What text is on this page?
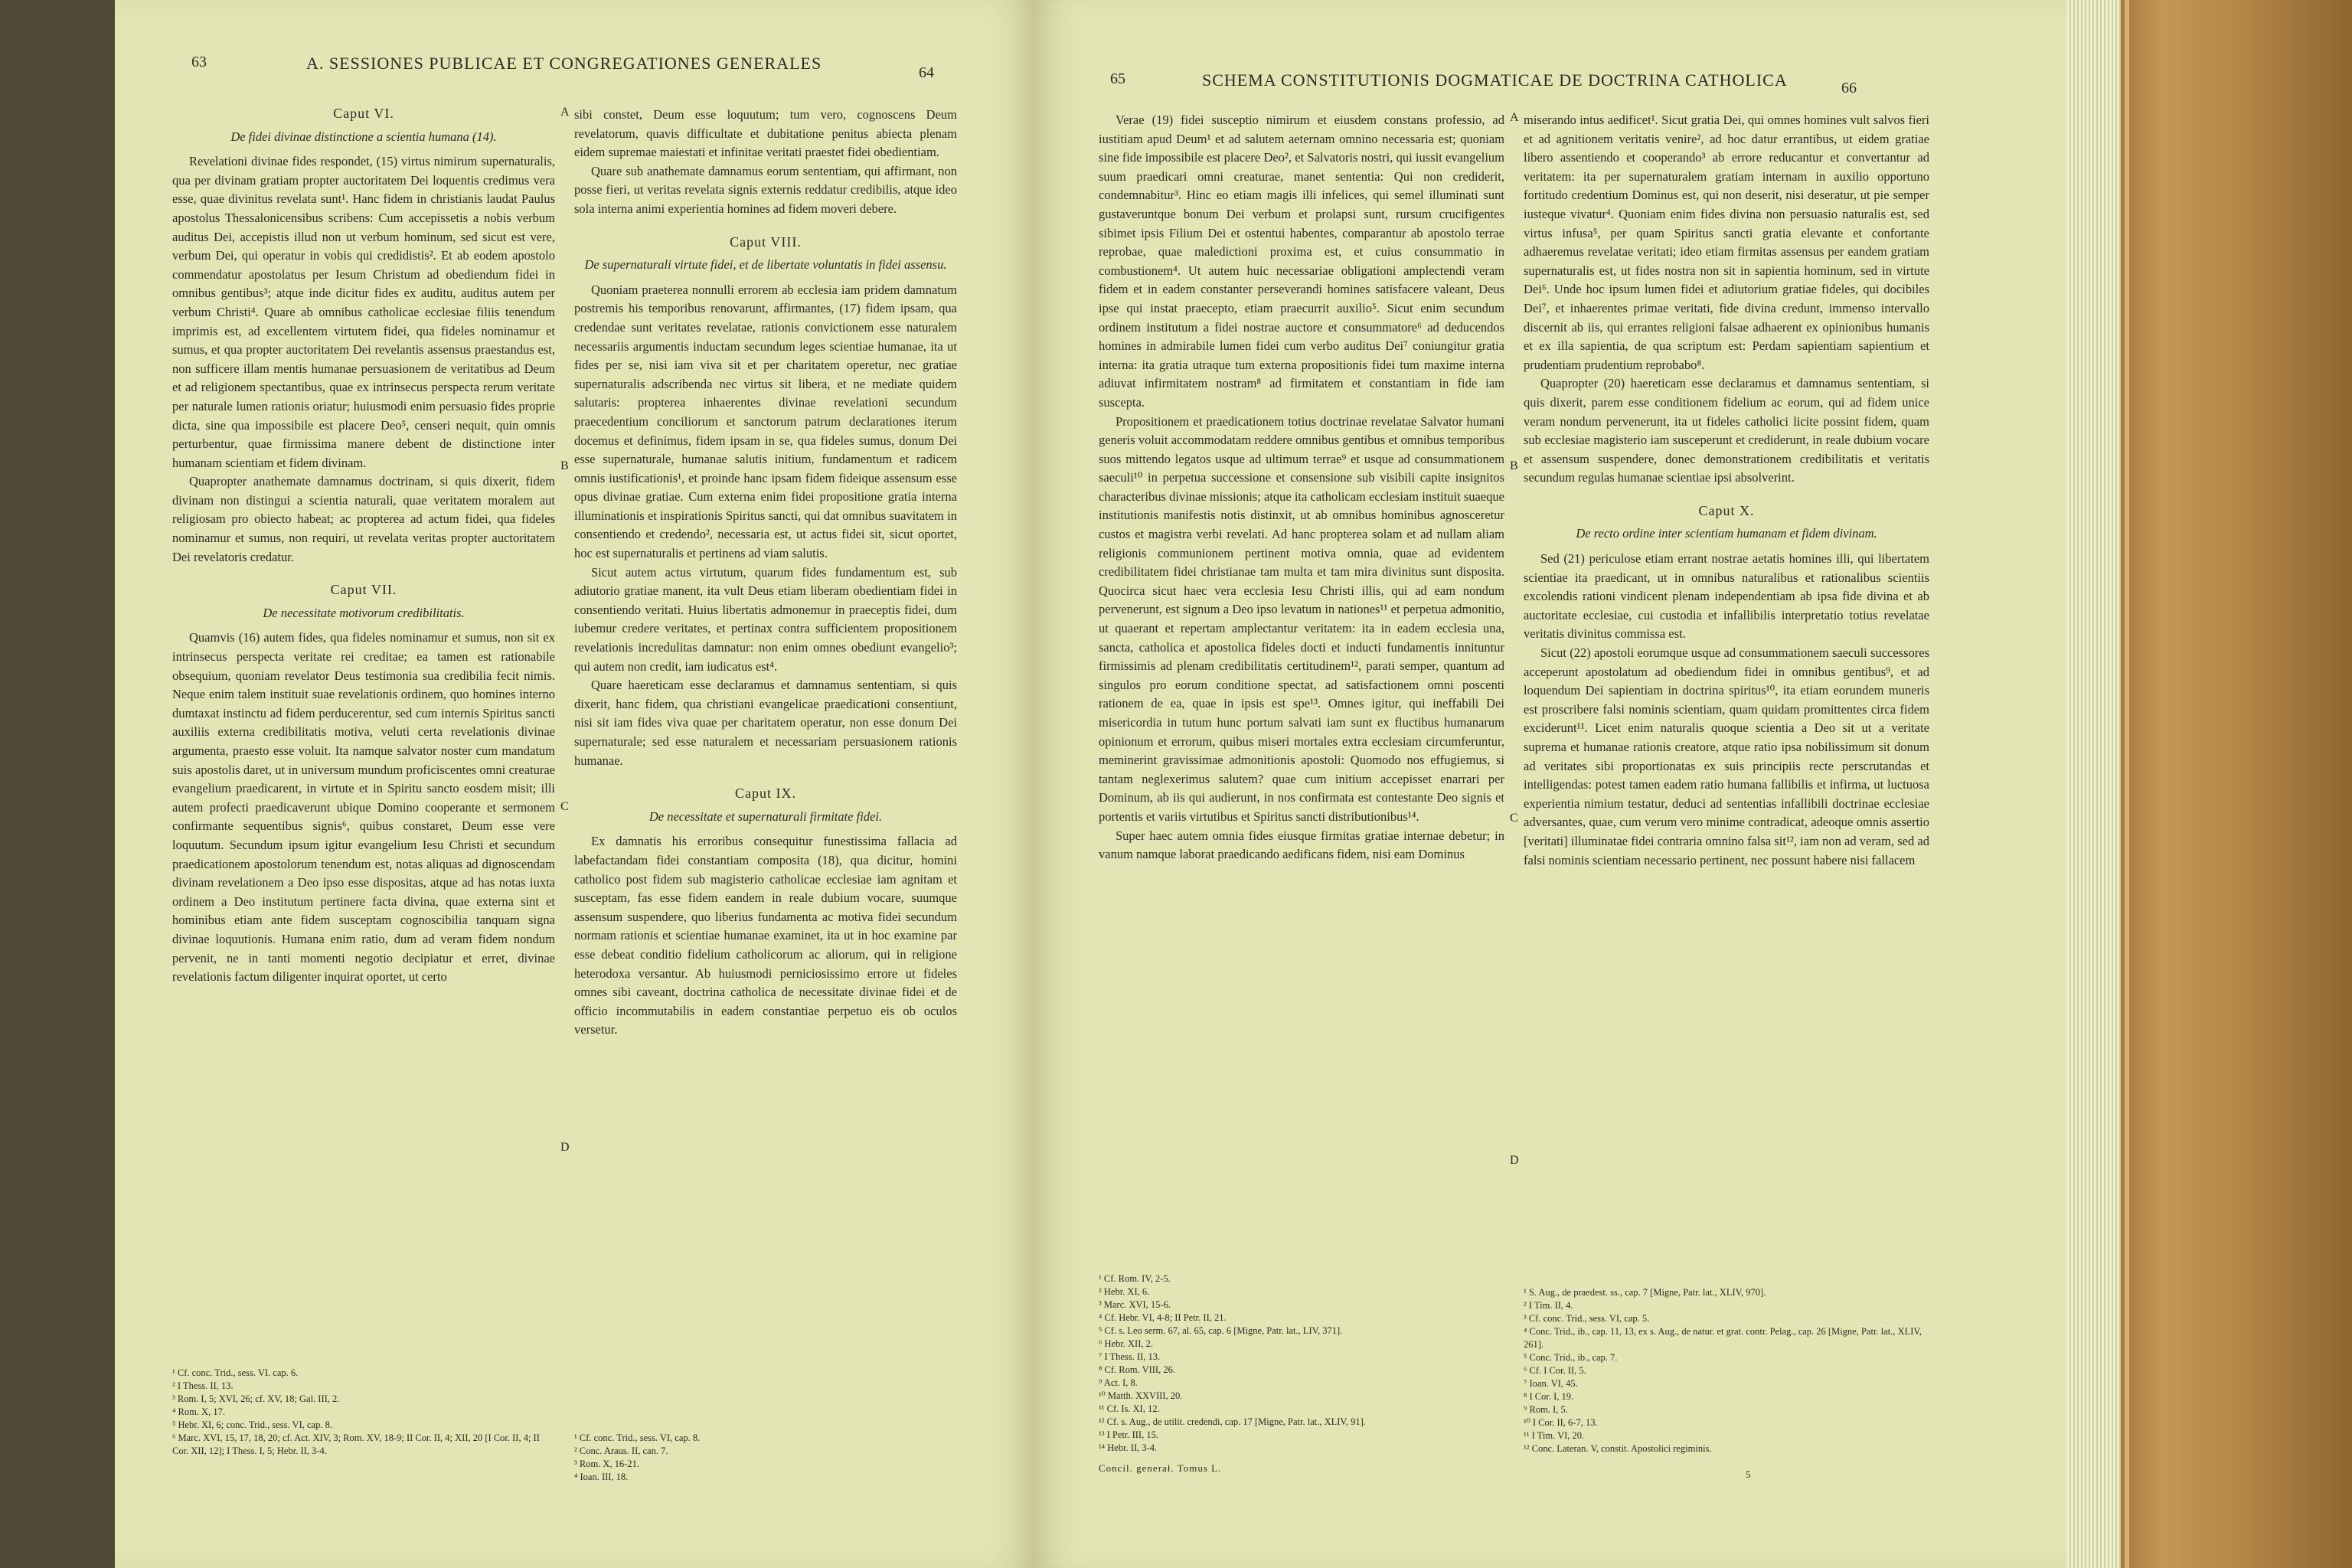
63	A. SESSIONES PUBLICAE ET CONGREGATIONES GENERALES	64

Caput VI.

De fidei divinae distinctione a scientia humana (14).

Revelationi divinae fides respondet, (15) virtus nimirum supernaturalis, qua per divinam gratiam propter auctoritatem Dei loquentis credimus vera esse, quae divinitus revelata sunt¹. Hanc fidem in christianis laudat Paulus apostolus Thessalonicensibus scribens: Cum accepissetis a nobis verbum auditus Dei, accepistis illud non ut verbum hominum, sed sicut est vere, verbum Dei, qui operatur in vobis qui credidistis². Et ab eodem apostolo commendatur apostolatus per Iesum Christum ad obediendum fidei in omnibus gentibus³; atque inde dicitur fides ex auditu, auditus autem per verbum Christi⁴. Quare ab omnibus catholicae ecclesiae filiis tenendum imprimis est, ad excellentem virtutem fidei, qua fideles nominamur et sumus, et qua propter auctoritatem Dei revelantis assensus praestandus est, non sufficere illam mentis humanae persuasionem de veritatibus ad Deum et ad religionem spectantibus, quae ex intrinsecus perspecta rerum veritate per naturale lumen rationis oriatur; huiusmodi enim persuasio fides proprie dicta, sine qua impossibile est placere Deo⁵, censeri nequit, quin omnis perturbentur, quae firmissima manere debent de distinctione inter humanam scientiam et fidem divinam.

Quapropter anathemate damnamus doctrinam, si quis dixerit, fidem divinam non distingui a scientia naturali, quae veritatem moralem aut religiosam pro obiecto habeat; ac propterea ad actum fidei, qua fideles nominamur et sumus, non requiri, ut revelata veritas propter auctoritatem Dei revelatoris credatur.

Caput VII.

De necessitate motivorum credibilitatis.

Quamvis (16) autem fides, qua fideles nominamur et sumus, non sit ex intrinsecus perspecta veritate rei creditae; ea tamen est rationabile obsequium, quoniam revelator Deus testimonia sua credibilia fecit nimis. Neque enim talem instituit suae revelationis ordinem, quo homines interno dumtaxat instinctu ad fidem perducerentur, sed cum internis Spiritus sancti auxiliis externa credibilitatis motiva, veluti certa revelationis divinae argumenta, praesto esse voluit. Ita namque salvator noster cum mandatum suis apostolis daret, ut in universum mundum proficiscentes omni creaturae evangelium praedicarent, in virtute et in Spiritu sancto eosdem misit; illi autem profecti praedicaverunt ubique Domino cooperante et sermonem confirmante sequentibus signis⁶, quibus constaret, Deum esse vere loquutum. Secundum ipsum igitur evangelium Iesu Christi et secundum praedicationem apostolorum tenendum est, notas aliquas ad dignoscendam divinam revelationem a Deo ipso esse dispositas, atque ad has notas iuxta ordinem a Deo institutum pertinere facta divina, quae externa sint et hominibus etiam ante fidem susceptam cognoscibilia tanquam signa divinae loquutionis. Humana enim ratio, dum ad veram fidem nondum pervenit, ne in tanti momenti negotio decipiatur et erret, divinae revelationis factum diligenter inquirat oportet, ut certo

A
B
C
D

sibi constet, Deum esse loquutum; tum vero, cognoscens Deum revelatorum, quavis difficultate et dubitatione penitus abiecta plenam eidem supremae maiestati et infinitae veritati praestet fidei obedientiam.

Quare sub anathemate damnamus eorum sententiam, qui affirmant, non posse fieri, ut veritas revelata signis externis reddatur credibilis, atque ideo sola interna animi experientia homines ad fidem moveri debere.

Caput VIII.

De supernaturali virtute fidei, et de libertate voluntatis in fidei assensu.

Quoniam praeterea nonnulli errorem ab ecclesia iam pridem damnatum postremis his temporibus renovarunt, affirmantes, (17) fidem ipsam, qua credendae sunt veritates revelatae, rationis convictionem esse naturalem necessariis argumentis inductam secundum leges scientiae humanae, ita ut fides per se, nisi iam viva sit et per charitatem operetur, nec gratiae supernaturalis adscribenda nec virtus sit libera, et ne mediate quidem salutaris: propterea inhaerentes divinae revelationi secundum praecedentium conciliorum et sanctorum patrum declarationes iterum docemus et definimus, fidem ipsam in se, qua fideles sumus, donum Dei esse supernaturale, humanae salutis initium, fundamentum et radicem omnis iustificationis¹, et proinde hanc ipsam fidem fideique assensum esse opus divinae gratiae. Cum externa enim fidei propositione gratia interna illuminationis et inspirationis Spiritus sancti, qui dat omnibus suavitatem in consentiendo et credendo², necessaria est, ut actus fidei sit, sicut oportet, hoc est supernaturalis et pertinens ad viam salutis.

Sicut autem actus virtutum, quarum fides fundamentum est, sub adiutorio gratiae manent, ita vult Deus etiam liberam obedientiam fidei in consentiendo veritati. Huius libertatis admonemur in praeceptis fidei, dum iubemur credere veritates, et pertinax contra sufficientem propositionem revelationis incredulitas damnatur: non enim omnes obediunt evangelio³; qui autem non credit, iam iudicatus est⁴.

Quare haereticam esse declaramus et damnamus sententiam, si quis dixerit, hanc fidem, qua christiani evangelicae praedicationi consentiunt, nisi sit iam fides viva quae per charitatem operatur, non esse donum Dei supernaturale; sed esse naturalem et necessariam persuasionem rationis humanae.

Caput IX.

De necessitate et supernaturali firmitate fidei.

Ex damnatis his erroribus consequitur funestissima fallacia ad labefactandam fidei constantiam composita (18), qua dicitur, homini catholico post fidem sub magisterio catholicae ecclesiae iam agnitam et susceptam, fas esse fidem eandem in reale dubium vocare, suumque assensum suspendere, quo liberius fundamenta ac motiva fidei secundum normam rationis et scientiae humanae examinet, ita ut in hoc examine par esse debeat conditio fidelium catholicorum ac aliorum, qui in religione heterodoxa versantur. Ab huiusmodi perniciosissimo errore ut fideles omnes sibi caveant, doctrina catholica de necessitate divinae fidei et de officio incommutabilis in eadem constantiae perpetuo eis ob oculos versetur.

¹ Cf. conc. Trid., sess. VI. cap. 6.
² I Thess. II, 13.
³ Rom. I, 5; XVI, 26; cf. XV, 18; Gal. III, 2.
⁴ Rom. X, 17.
⁵ Hebr. XI, 6; conc. Trid., sess. VI, cap. 8.
⁶ Marc. XVI, 15, 17, 18, 20; cf. Act. XIV, 3; Rom. XV, 18-9; II Cor. II, 4; XII, 20 [I Cor. II, 4; II Cor. XII, 12]; I Thess. I, 5; Hebr. II, 3-4.
¹ Cf. conc. Trid., sess. VI, cap. 8.
² Conc. Araus. II, can. 7.
³ Rom. X, 16-21.
⁴ Ioan. III, 18.
65	SCHEMA CONSTITUTIONIS DOGMATICAE DE DOCTRINA CATHOLICA	66

Verae (19) fidei susceptio nimirum et eiusdem constans professio, ad iustitiam apud Deum¹ et ad salutem aeternam omnino necessaria est; quoniam sine fide impossibile est placere Deo², et Salvatoris nostri, qui iussit evangelium suum praedicari omni creaturae, manet sententia: Qui non crediderit, condemnabitur³. Hinc eo etiam magis illi infelices, qui semel illuminati sunt gustaveruntque bonum Dei verbum et prolapsi sunt, rursum crucifigentes sibimet ipsis Filium Dei et ostentui habentes, comparantur ab apostolo terrae reprobae, quae maledictioni proxima est, et cuius consummatio in combustionem⁴. Ut autem huic necessariae obligationi amplectendi veram fidem et in eadem constanter perseverandi homines satisfacere valeant, Deus ipse qui instat praecepto, etiam praecurrit auxilio⁵. Sicut enim secundum ordinem institutum a fidei nostrae auctore et consummatore⁶ ad deducendos homines in admirabile lumen fidei cum verbo auditus Dei⁷ coniungitur gratia interna: ita gratia utraque tum externa propositionis fidei tum maxime interna adiuvat infirmitatem nostram⁸ ad firmitatem et constantiam in fide iam suscepta.

Propositionem et praedicationem totius doctrinae revelatae Salvator humani generis voluit accommodatam reddere omnibus gentibus et omnibus temporibus suos mittendo legatos usque ad ultimum terrae⁹ et usque ad consummationem saeculi¹⁰ in perpetua successione et consensione sub visibili capite insignitos characteribus divinae missionis; atque ita catholicam ecclesiam instituit suaeque institutionis manifestis notis distinxit, ut ab omnibus hominibus agnosceretur custos et magistra verbi revelati. Ad hanc propterea solam et ad nullam aliam religionis communionem pertinent motiva omnia, quae ad evidentem credibilitatem fidei christianae tam multa et tam mira divinitus sunt disposita. Quocirca sicut haec vera ecclesia Iesu Christi illis, qui ad eam nondum pervenerunt, est signum a Deo ipso levatum in nationes¹¹ et perpetua admonitio, ut quaerant et repertam amplectantur veritatem: ita in eadem ecclesia una, sancta, catholica et apostolica fideles docti et inducti fundamentis innituntur firmissimis ad plenam credibilitatis certitudinem¹², parati semper, quantum ad singulos pro eorum conditione spectat, ad satisfactionem omni poscenti rationem de ea, quae in ipsis est spe¹³. Omnes igitur, qui ineffabili Dei misericordia in tutum hunc portum salvati iam sunt ex fluctibus humanarum opinionum et errorum, quibus miseri mortales extra ecclesiam circumferuntur, meminerint gravissimae admonitionis apostoli: Quomodo nos effugiemus, si tantam neglexerimus salutem? quae cum initium accepisset enarrari per Dominum, ab iis qui audierunt, in nos confirmata est contestante Deo signis et portentis et variis virtutibus et Spiritus sancti distributionibus¹⁴.

Super haec autem omnia fides eiusque firmitas gratiae internae debetur; in vanum namque laborat praedicando aedificans fidem, nisi eam Dominus

A
B
C
D

miserando intus aedificet¹. Sicut gratia Dei, qui omnes homines vult salvos fieri et ad agnitionem veritatis venire², ad hoc datur errantibus, ut eidem gratiae libero assentiendo et cooperando³ ab errore reducantur et convertantur ad veritatem: ita per supernaturalem gratiam internam in auxilio opportuno fortitudo credentium Dominus est, qui non deserit, nisi deseratur, ut pie semper iusteque vivatur⁴. Quoniam enim fides divina non persuasio naturalis est, sed virtus infusa⁵, per quam Spiritus sancti gratia elevante et confortante adhaeremus revelatae veritati; ideo etiam firmitas assensus per eandem gratiam supernaturalis est, ut fides nostra non sit in sapientia hominum, sed in virtute Dei⁶. Unde hoc ipsum lumen fidei et adiutorium gratiae fideles, qui docibiles Dei⁷, et inhaerentes primae veritati, fide divina credunt, immenso intervallo discernit ab iis, qui errantes religioni falsae adhaerent ex opinionibus humanis et ex illa sapientia, de qua scriptum est: Perdam sapientiam sapientium et prudentiam prudentium reprobabo⁸.

Quapropter (20) haereticam esse declaramus et damnamus sententiam, si quis dixerit, parem esse conditionem fidelium ac eorum, qui ad fidem unice veram nondum pervenerunt, ita ut fideles catholici licite possint fidem, quam sub ecclesiae magisterio iam susceperunt et crediderunt, in reale dubium vocare et assensum suspendere, donec demonstrationem credibilitatis et veritatis secundum regulas humanae scientiae ipsi absolverint.

Caput X.

De recto ordine inter scientiam humanam et fidem divinam.

Sed (21) periculose etiam errant nostrae aetatis homines illi, qui libertatem scientiae ita praedicant, ut in omnibus naturalibus et rationalibus scientiis excolendis rationi vindicent plenam independentiam ab ipsa fide divina et ab auctoritate ecclesiae, cui custodia et infallibilis interpretatio totius revelatae veritatis divinitus commissa est.

Sicut (22) apostoli eorumque usque ad consummationem saeculi successores acceperunt apostolatum ad obediendum fidei in omnibus gentibus⁹, et ad loquendum Dei sapientiam in doctrina spiritus¹⁰, ita etiam eorundem muneris est proscribere falsi nominis scientiam, quam quidam promittentes circa fidem exciderunt¹¹. Licet enim naturalis quoque scientia a Deo sit ut a veritate suprema et humanae rationis creatore, atque ratio ipsa nobilissimum sit donum ad veritates sibi proportionatas ex suis principiis recte perscrutandas et intelligendas: potest tamen eadem ratio humana fallibilis et infirma, ut luctuosa experientia nimium testatur, deduci ad sententias infallibili doctrinae ecclesiae adversantes, quae, cum verum vero minime contradicat, adeoque omnis assertio [veritati] illuminatae fidei contraria omnino falsa sit¹², iam non ad veram, sed ad falsi nominis scientiam necessario pertinent, nec possunt habere nisi fallacem

¹ Cf. Rom. IV, 2-5.
² Hebr. XI, 6.
³ Marc. XVI, 15-6.
⁴ Cf. Hebr. VI, 4-8; II Petr. II, 21.
⁵ Cf. s. Leo serm. 67, al. 65, cap. 6 [Migne, Patr. lat., LIV, 371].
⁶ Hebr. XII, 2.
⁷ I Thess. II, 13.
⁸ Cf. Rom. VIII, 26.
⁹ Act. I, 8.
¹⁰ Matth. XXVIII, 20.
¹¹ Cf. Is. XI, 12.
¹² Cf. s. Aug., de utilit. credendi, cap. 17 [Migne, Patr. lat., XLIV, 91].
¹³ I Petr. III, 15.
¹⁴ Hebr. II, 3-4.
Concil. generał. Tomus L.
¹ S. Aug., de praedest. ss., cap. 7 [Migne, Patr. lat., XLIV, 970].
² I Tim. II, 4.
³ Cf. conc. Trid., sess. VI, cap. 5.
⁴ Conc. Trid., ib., cap. 11, 13, ex s. Aug., de natur. et grat. contr. Pelag., cap. 26 [Migne, Patr. lat., XLIV, 261].
⁵ Conc. Trid., ib., cap. 7.
⁶ Cf. I Cor. II, 5.
⁷ Ioan. VI, 45.
⁸ I Cor. I, 19.
⁹ Rom. I, 5.
¹⁰ I Cor. II, 6-7, 13.
¹¹ I Tim. VI, 20.
¹² Conc. Lateran. V, constit. Apostolici regiminis.
5
